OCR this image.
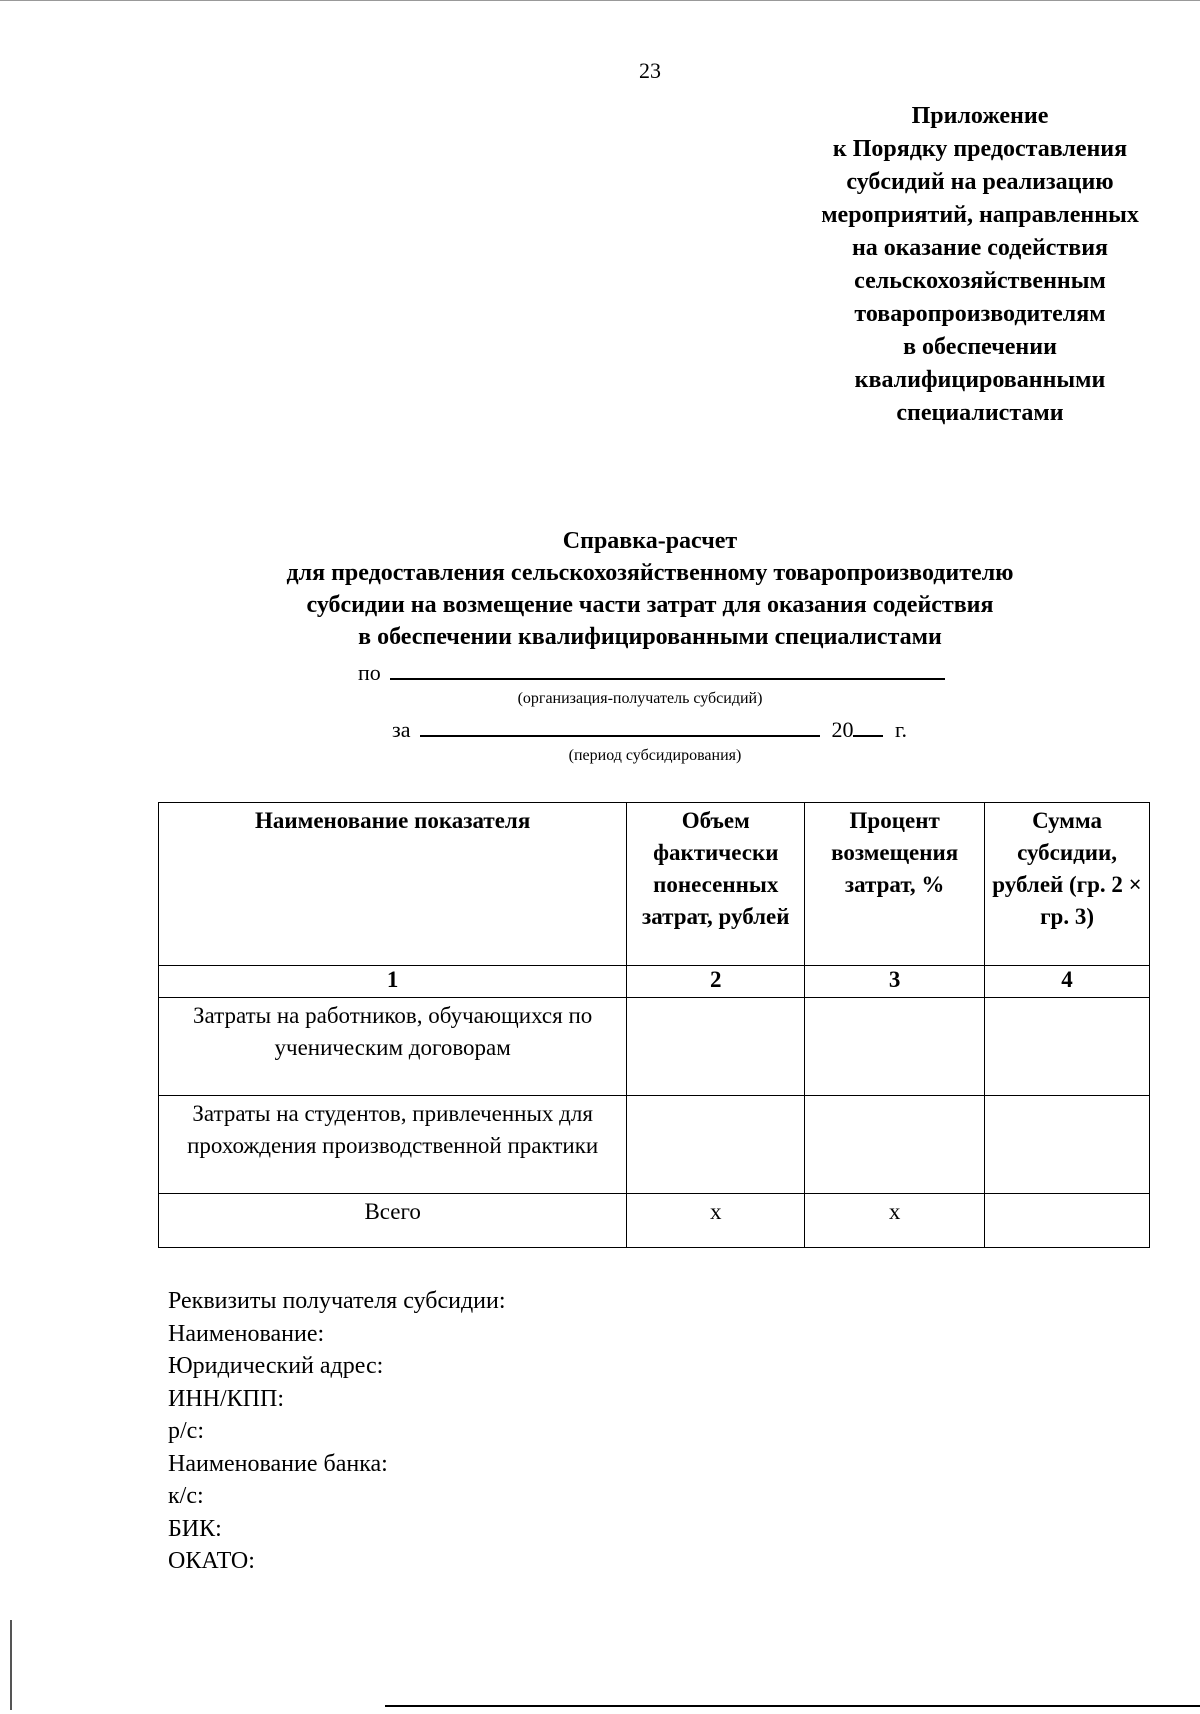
23
Приложение
к Порядку предоставления
субсидий на реализацию
мероприятий, направленных
на оказание содействия
сельскохозяйственным
товаропроизводителям
в обеспечении
квалифицированными
специалистами
Справка-расчет
для предоставления сельскохозяйственному товаропроизводителю
субсидии на возмещение части затрат для оказания содействия
в обеспечении квалифицированными специалистами
по
(организация-получатель субсидий)
за	20 г.
(период субсидирования)
Наименование показателя	Объем фактически понесенных затрат, рублей	Процент возмещения затрат, %	Сумма субсидии, рублей (гр. 2 × гр. 3)
1	2	3	4
Затраты на работников, обучающихся по ученическим договорам			
Затраты на студентов, привлеченных для прохождения производственной практики			
Всего	х	х	
Реквизиты получателя субсидии:
Наименование:
Юридический адрес:
ИНН/КПП:
р/с:
Наименование банка:
к/с:
БИК:
ОКАТО:
